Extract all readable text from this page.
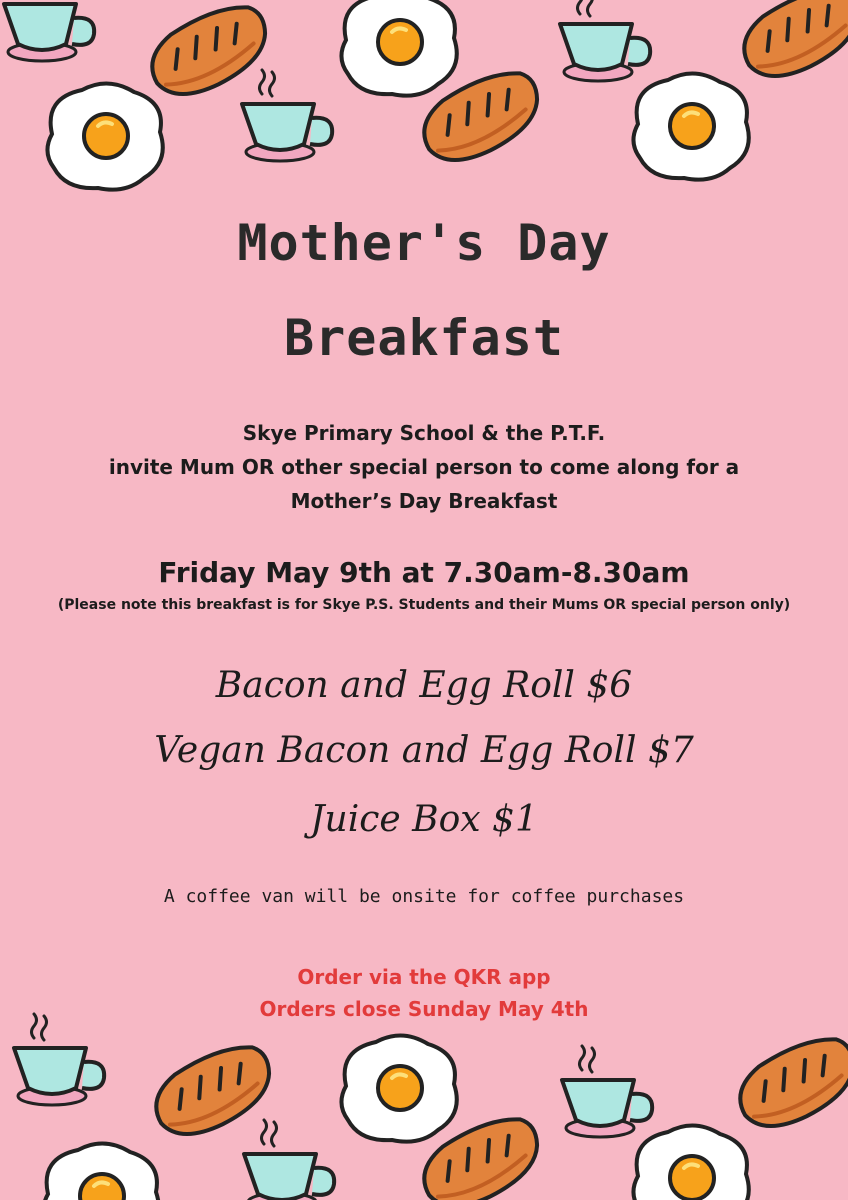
Mother's Day
Breakfast
Skye Primary School & the P.T.F.
invite Mum OR other special person to come along for a
Mother’s Day Breakfast
Friday May 9th at 7.30am-8.30am
(Please note this breakfast is for Skye P.S. Students and their Mums OR special person only)
Bacon and Egg Roll $6
Vegan Bacon and Egg Roll $7
Juice Box $1
A coffee van will be onsite for coffee purchases
Order via the QKR app
Orders close Sunday May 4th
